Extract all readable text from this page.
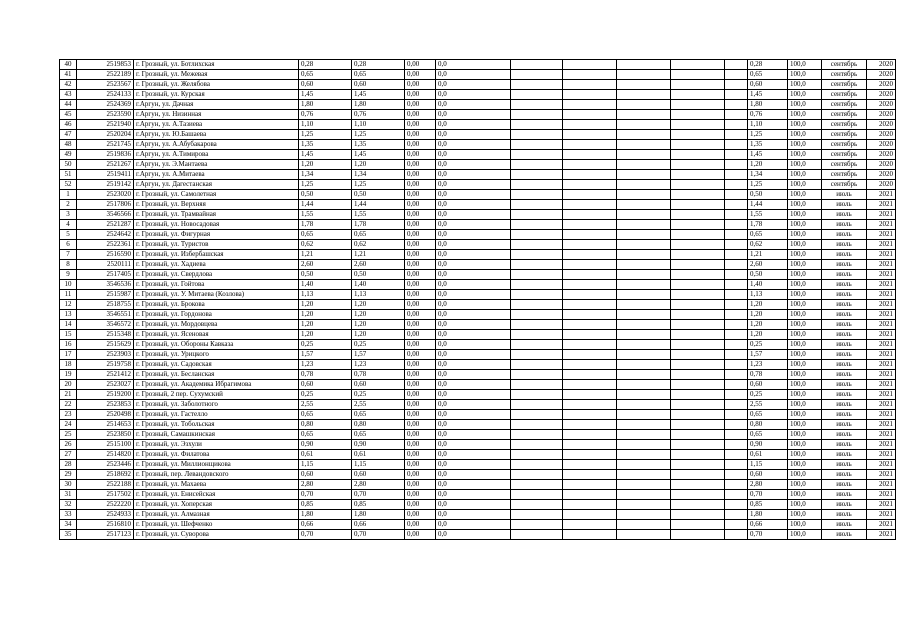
40	2519853	г. Грозный, ул. Ботлихская	0,28	0,28	0,00	0,0						0,28	100,0	сентябрь	2020
41	2522189	г. Грозный, ул. Межевая	0,65	0,65	0,00	0,0						0,65	100,0	сентябрь	2020
42	2523567	г. Грозный, ул. Желябова	0,60	0,60	0,00	0,0						0,60	100,0	сентябрь	2020
43	2524133	г. Грозный, ул. Курская	1,45	1,45	0,00	0,0						1,45	100,0	сентябрь	2020
44	2524369	г.Аргун, ул. Дачная	1,80	1,80	0,00	0,0						1,80	100,0	сентябрь	2020
45	2523590	г.Аргун, ул. Низинная	0,76	0,76	0,00	0,0						0,76	100,0	сентябрь	2020
46	2521940	г.Аргун, ул. А.Тазиева	1,10	1,10	0,00	0,0						1,10	100,0	сентябрь	2020
47	2520204	г.Аргун, ул. Ю.Башаева	1,25	1,25	0,00	0,0						1,25	100,0	сентябрь	2020
48	2521745	г.Аргун, ул. А.Абубакарова	1,35	1,35	0,00	0,0						1,35	100,0	сентябрь	2020
49	2519836	г.Аргун, ул. А.Тимирова	1,45	1,45	0,00	0,0						1,45	100,0	сентябрь	2020
50	2521267	г.Аргун, ул. Э.Мантаева	1,20	1,20	0,00	0,0						1,20	100,0	сентябрь	2020
51	2519411	г.Аргун, ул. А.Митаева	1,34	1,34	0,00	0,0						1,34	100,0	сентябрь	2020
52	2519142	г.Аргун, ул. Дагестанская	1,25	1,25	0,00	0,0						1,25	100,0	сентябрь	2020
1	2523020	г. Грозный, ул. Самолетная	0,50	0,50	0,00	0,0						0,50	100,0	июль	2021
2	2517806	г. Грозный, ул. Верхняя	1,44	1,44	0,00	0,0						1,44	100,0	июль	2021
3	3546566	г. Грозный, ул. Трамвайная	1,55	1,55	0,00	0,0						1,55	100,0	июль	2021
4	2521287	г. Грозный, ул. Новосадовая	1,78	1,78	0,00	0,0						1,78	100,0	июль	2021
5	2524642	г. Грозный, ул. Фигурная	0,65	0,65	0,00	0,0						0,65	100,0	июль	2021
6	2522361	г. Грозный, ул. Туристов	0,62	0,62	0,00	0,0						0,62	100,0	июль	2021
7	2516590	г. Грозный, ул. Избербашская	1,21	1,21	0,00	0,0						1,21	100,0	июль	2021
8	2520111	г. Грозный, ул. Хадиева	2,60	2,60	0,00	0,0						2,60	100,0	июль	2021
9	2517405	г. Грозный, ул. Свердлова	0,50	0,50	0,00	0,0						0,50	100,0	июль	2021
10	3546536	г. Грозный, ул. Гойтова	1,40	1,40	0,00	0,0						1,40	100,0	июль	2021
11	2515987	г. Грозный, ул. У. Митаева (Козлова)	1,13	1,13	0,00	0,0						1,13	100,0	июль	2021
12	2518755	г. Грозный, ул. Брокова	1,20	1,20	0,00	0,0						1,20	100,0	июль	2021
13	3546551	г. Грозный, ул. Гордонова	1,20	1,20	0,00	0,0						1,20	100,0	июль	2021
14	3546572	г. Грозный, ул. Мордовцева	1,20	1,20	0,00	0,0						1,20	100,0	июль	2021
15	2515348	г. Грозный, ул. Ясеновая	1,20	1,20	0,00	0,0						1,20	100,0	июль	2021
16	2515629	г. Грозный, ул. Обороны Кавказа	0,25	0,25	0,00	0,0						0,25	100,0	июль	2021
17	2523903	г. Грозный, ул. Урицкого	1,57	1,57	0,00	0,0						1,57	100,0	июль	2021
18	2519758	г. Грозный, ул. Садовская	1,23	1,23	0,00	0,0						1,23	100,0	июль	2021
19	2521412	г. Грозный, ул. Бесланская	0,78	0,78	0,00	0,0						0,78	100,0	июль	2021
20	2523027	г. Грозный, ул. Академика Ибрагимова	0,60	0,60	0,00	0,0						0,60	100,0	июль	2021
21	2519200	г. Грозный, 2 пер. Сухумский	0,25	0,25	0,00	0,0						0,25	100,0	июль	2021
22	2523853	г. Грозный, ул. Заболотного	2,55	2,55	0,00	0,0						2,55	100,0	июль	2021
23	2520498	г. Грозный, ул. Гастелло	0,65	0,65	0,00	0,0						0,65	100,0	июль	2021
24	2514653	г. Грозный, ул. Тобольская	0,80	0,80	0,00	0,0						0,80	100,0	июль	2021
25	2523850	г. Грозный, Самашкинская	0,65	0,65	0,00	0,0						0,65	100,0	июль	2021
26	2515100	г. Грозный, ул. Эзхули	0,90	0,90	0,00	0,0						0,90	100,0	июль	2021
27	2514820	г. Грозный, ул. Филатова	0,61	0,61	0,00	0,0						0,61	100,0	июль	2021
28	2523446	г. Грозный, ул. Миллионщикова	1,15	1,15	0,00	0,0						1,15	100,0	июль	2021
29	2518692	г. Грозный, пер. Левандовского	0,60	0,60	0,00	0,0						0,60	100,0	июль	2021
30	2522188	г. Грозный, ул. Махаева	2,80	2,80	0,00	0,0						2,80	100,0	июль	2021
31	2517502	г. Грозный, ул. Енисейская	0,70	0,70	0,00	0,0						0,70	100,0	июль	2021
32	2522220	г. Грозный, ул. Хоперская	0,85	0,85	0,00	0,0						0,85	100,0	июль	2021
33	2524933	г. Грозный, ул. Алмазная	1,80	1,80	0,00	0,0						1,80	100,0	июль	2021
34	2516810	г. Грозный, ул. Шефченко	0,66	0,66	0,00	0,0						0,66	100,0	июль	2021
35	2517123	г. Грозный, ул. Суворова	0,70	0,70	0,00	0,0						0,70	100,0	июль	2021
